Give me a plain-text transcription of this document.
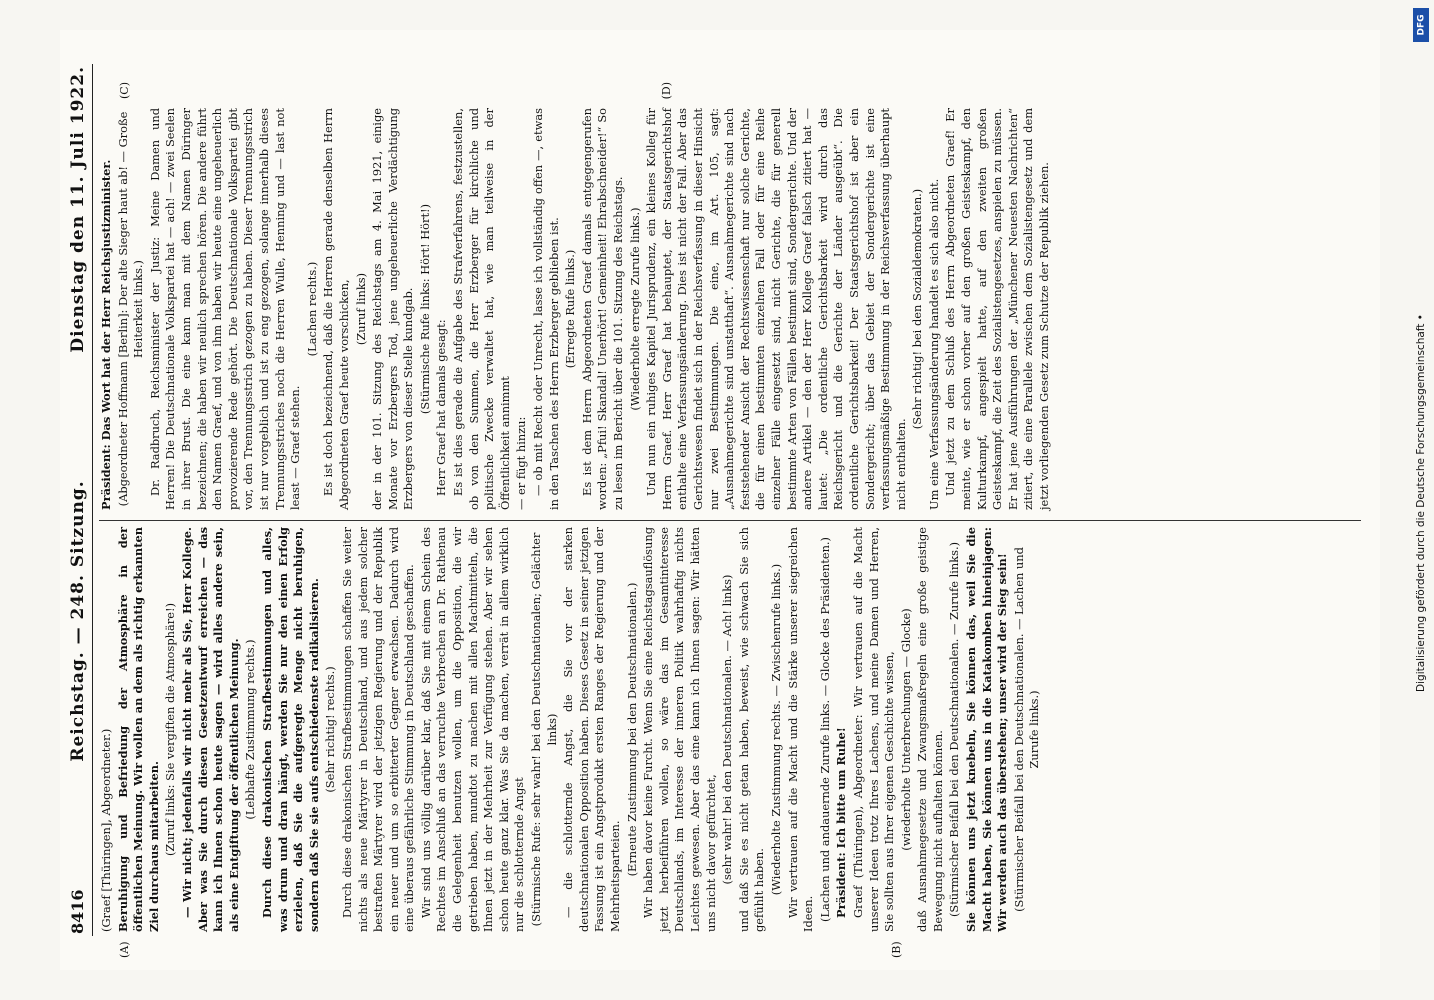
8416
Reichstag. — 248. Sitzung.
Dienstag den 11. Juli 1922.
(A)	(B)

(Graef [Thüringen], Abgeordneter.) Beruhigung und Befriedung der Atmosphäre in der öffentlichen Meinung. Wir wollen an dem als richtig erkannten Ziel durchaus mitarbeiten. (Zuruf links: Sie vergiften die Atmosphäre!) — Wir nicht; jedenfalls wir nicht mehr als Sie, Herr Kollege. Aber was Sie durch diesen Gesetzentwurf erreichen — das kann ich Ihnen schon heute sagen — wird alles andere sein, als eine Entgiftung der öffentlichen Meinung. (Lebhafte Zustimmung rechts.) Durch diese drakonischen Strafbestimmungen und alles, was drum und dran hängt, werden Sie nur den einen Erfolg erzielen, daß Sie die aufgeregte Menge nicht beruhigen, sondern daß Sie sie aufs entschiedenste radikalisieren. (Sehr richtig! rechts.) Durch diese drakonischen Strafbestimmungen schaffen Sie weiter nichts als neue Märtyrer in Deutschland, und aus jedem solcher bestraften Märtyrer wird der jetzigen Regierung und der Republik ein neuer und um so erbitterter Gegner erwachsen. Dadurch wird eine überaus gefährliche Stimmung in Deutschland geschaffen. Wir sind uns völlig darüber klar, daß Sie mit einem Schein des Rechtes im Anschluß an das verruchte Verbrechen an Dr. Rathenau die Gelegenheit benutzen wollen, um die Opposition, die wir getrieben haben, mundtot zu machen mit allen Machtmitteln, die Ihnen jetzt in der Mehrheit zur Verfügung stehen. Aber wir sehen schon heute ganz klar. Was Sie da machen, verrät in allem wirklich nur die schlotternde Angst (Stürmische Rufe: sehr wahr! bei den Deutschnationalen; Gelächter links) — die schlotternde Angst, die Sie vor der starken deutschnationalen Opposition haben. Dieses Gesetz in seiner jetzigen Fassung ist ein Angstprodukt ersten Ranges der Regierung und der Mehrheitsparteien. (Erneute Zustimmung bei den Deutschnationalen.) Wir haben davor keine Furcht. Wenn Sie eine Reichstagsauflösung jetzt herbeiführen wollen, so wäre das im Gesamtinteresse Deutschlands, im Interesse der inneren Politik wahrhaftig nichts Leichtes gewesen. Aber das eine kann ich Ihnen sagen: Wir hätten uns nicht davor gefürchtet, (sehr wahr! bei den Deutschnationalen. — Ach! links) und daß Sie es nicht getan haben, beweist, wie schwach Sie sich gefühlt haben. (Wiederholte Zustimmung rechts. — Zwischenrufe links.) Wir vertrauen auf die Macht und die Stärke unserer siegreichen Ideen. (Lachen und andauernde Zurufe links. — Glocke des Präsidenten.) Präsident: Ich bitte um Ruhe! Graef (Thüringen), Abgeordneter: Wir vertrauen auf die Macht unserer Ideen trotz Ihres Lachens, und meine Damen und Herren, Sie sollten aus Ihrer eigenen Geschichte wissen, (wiederholte Unterbrechungen — Glocke) daß Ausnahmegesetze und Zwangsmaßregeln eine große geistige Bewegung nicht aufhalten können. (Stürmischer Beifall bei den Deutschnationalen. — Zurufe links.) Sie können uns jetzt knebeln, Sie können das, weil Sie die Macht haben, Sie können uns in die Katakomben hineinjagen: Wir werden auch das überstehen; unser wird der Sieg sein! (Stürmischer Beifall bei den Deutschnationalen. — Lachen und Zurufe links.)

(C)	(D)

Präsident: Das Wort hat der Herr Reichsjustizminister. (Abgeordneter Hoffmann [Berlin]: Der alte Sieger haut ab! — Große Heiterkeit links.) Dr. Radbruch, Reichsminister der Justiz: Meine Damen und Herren! Die Deutschnationale Volkspartei hat — ach! — zwei Seelen in ihrer Brust. Die eine kann man mit dem Namen Düringer bezeichnen; die haben wir neulich sprechen hören. Die andere führt den Namen Graef, und von ihm haben wir heute eine ungeheuerlich provozierende Rede gehört. Die Deutschnationale Volkspartei gibt vor, den Trennungsstrich gezogen zu haben. Dieser Trennungsstrich ist nur vorgeblich und ist zu eng gezogen, solange innerhalb dieses Trennungsstriches noch die Herren Wulle, Henning und — last not least — Graef stehen.

(Lachen rechts.) Es ist doch bezeichnend, daß die Herren gerade denselben Herrn Abgeordneten Graef heute vorschicken, (Zuruf links) der in der 101. Sitzung des Reichstags am 4. Mai 1921, einige Monate vor Erzbergers Tod, jene ungeheuerliche Verdächtigung Erzbergers von dieser Stelle kundgab. (Stürmische Rufe links: Hört! Hört!) Herr Graef hat damals gesagt: Es ist dies gerade die Aufgabe des Strafverfahrens, festzustellen, ob von den Summen, die Herr Erzberger für kirchliche und politische Zwecke verwaltet hat, wie man teilweise in der Öffentlichkeit annimmt — er fügt hinzu: — ob mit Recht oder Unrecht, lasse ich vollständig offen —, etwas in den Taschen des Herrn Erzberger geblieben ist. (Erregte Rufe links.) Es ist dem Herrn Abgeordneten Graef damals entgegengerufen worden: „Pfui! Skandal! Unerhört! Gemeinheit! Ehrabschneider!“ So zu lesen im Bericht über die 101. Sitzung des Reichstags. (Wiederholte erregte Zurufe links.) Und nun ein ruhiges Kapitel Jurisprudenz, ein kleines Kolleg für Herrn Graef. Herr Graef hat behauptet, der Staatsgerichtshof enthalte eine Verfassungsänderung. Dies ist nicht der Fall. Aber das Gerichtswesen findet sich in der Reichsverfassung in dieser Hinsicht nur zwei Bestimmungen. Die eine, im Art. 105, sagt: „Ausnahmegerichte sind unstatthaft“. Ausnahmegerichte sind nach feststehender Ansicht der Rechtswissenschaft nur solche Gerichte, die für einen bestimmten einzelnen Fall oder für eine Reihe einzelner Fälle eingesetzt sind, nicht Gerichte, die für generell bestimmte Arten von Fällen bestimmt sind, Sondergerichte. Und der andere Artikel — den der Herr Kollege Graef falsch zitiert hat — lautet: „Die ordentliche Gerichtsbarkeit wird durch das Reichsgericht und die Gerichte der Länder ausgeübt“. Die ordentliche Gerichtsbarkeit! Der Staatsgerichtshof ist aber ein Sondergericht; über das Gebiet der Sondergerichte ist eine verfassungsmäßige Bestimmung in der Reichsverfassung überhaupt nicht enthalten.

(Sehr richtig! bei den Sozialdemokraten.) Um eine Verfassungsänderung handelt es sich also nicht. Und jetzt zu dem Schluß des Herrn Abgeordneten Graef! Er meinte, wie er schon vorher auf den großen Geisteskampf, den Kulturkampf, angespielt hatte, auf den zweiten großen Geisteskampf, die Zeit des Sozialistengesetzes, anspielen zu müssen. Er hat jene Ausführungen der „Münchener Neuesten Nachrichten“ zitiert, die eine Parallele zwischen dem Sozialistengesetz und dem jetzt vorliegenden Gesetz zum Schutze der Republik ziehen.

DFG
Digitalisierung gefördert durch die Deutsche Forschungsgemeinschaft •
